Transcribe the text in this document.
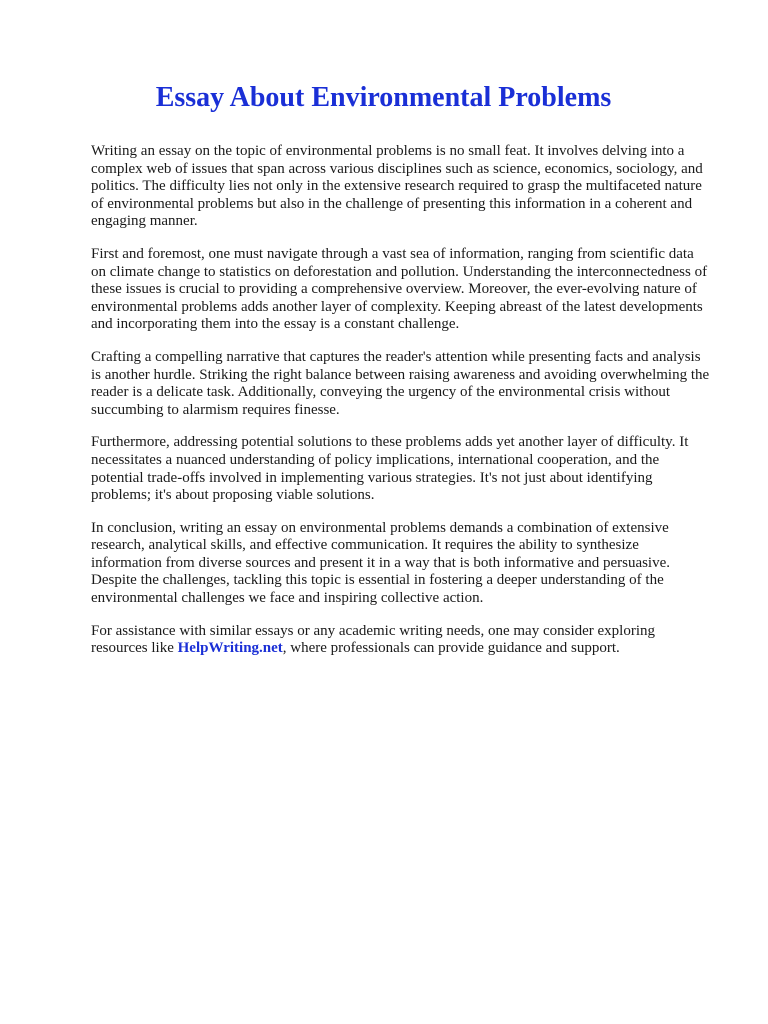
Essay About Environmental Problems

Writing an essay on the topic of environmental problems is no small feat. It involves delving into a complex web of issues that span across various disciplines such as science, economics, sociology, and politics. The difficulty lies not only in the extensive research required to grasp the multifaceted nature of environmental problems but also in the challenge of presenting this information in a coherent and engaging manner.

First and foremost, one must navigate through a vast sea of information, ranging from scientific data on climate change to statistics on deforestation and pollution. Understanding the interconnectedness of these issues is crucial to providing a comprehensive overview. Moreover, the ever-evolving nature of environmental problems adds another layer of complexity. Keeping abreast of the latest developments and incorporating them into the essay is a constant challenge.

Crafting a compelling narrative that captures the reader's attention while presenting facts and analysis is another hurdle. Striking the right balance between raising awareness and avoiding overwhelming the reader is a delicate task. Additionally, conveying the urgency of the environmental crisis without succumbing to alarmism requires finesse.

Furthermore, addressing potential solutions to these problems adds yet another layer of difficulty. It necessitates a nuanced understanding of policy implications, international cooperation, and the potential trade-offs involved in implementing various strategies. It's not just about identifying problems; it's about proposing viable solutions.

In conclusion, writing an essay on environmental problems demands a combination of extensive research, analytical skills, and effective communication. It requires the ability to synthesize information from diverse sources and present it in a way that is both informative and persuasive. Despite the challenges, tackling this topic is essential in fostering a deeper understanding of the environmental challenges we face and inspiring collective action.

For assistance with similar essays or any academic writing needs, one may consider exploring resources like HelpWriting.net, where professionals can provide guidance and support.
